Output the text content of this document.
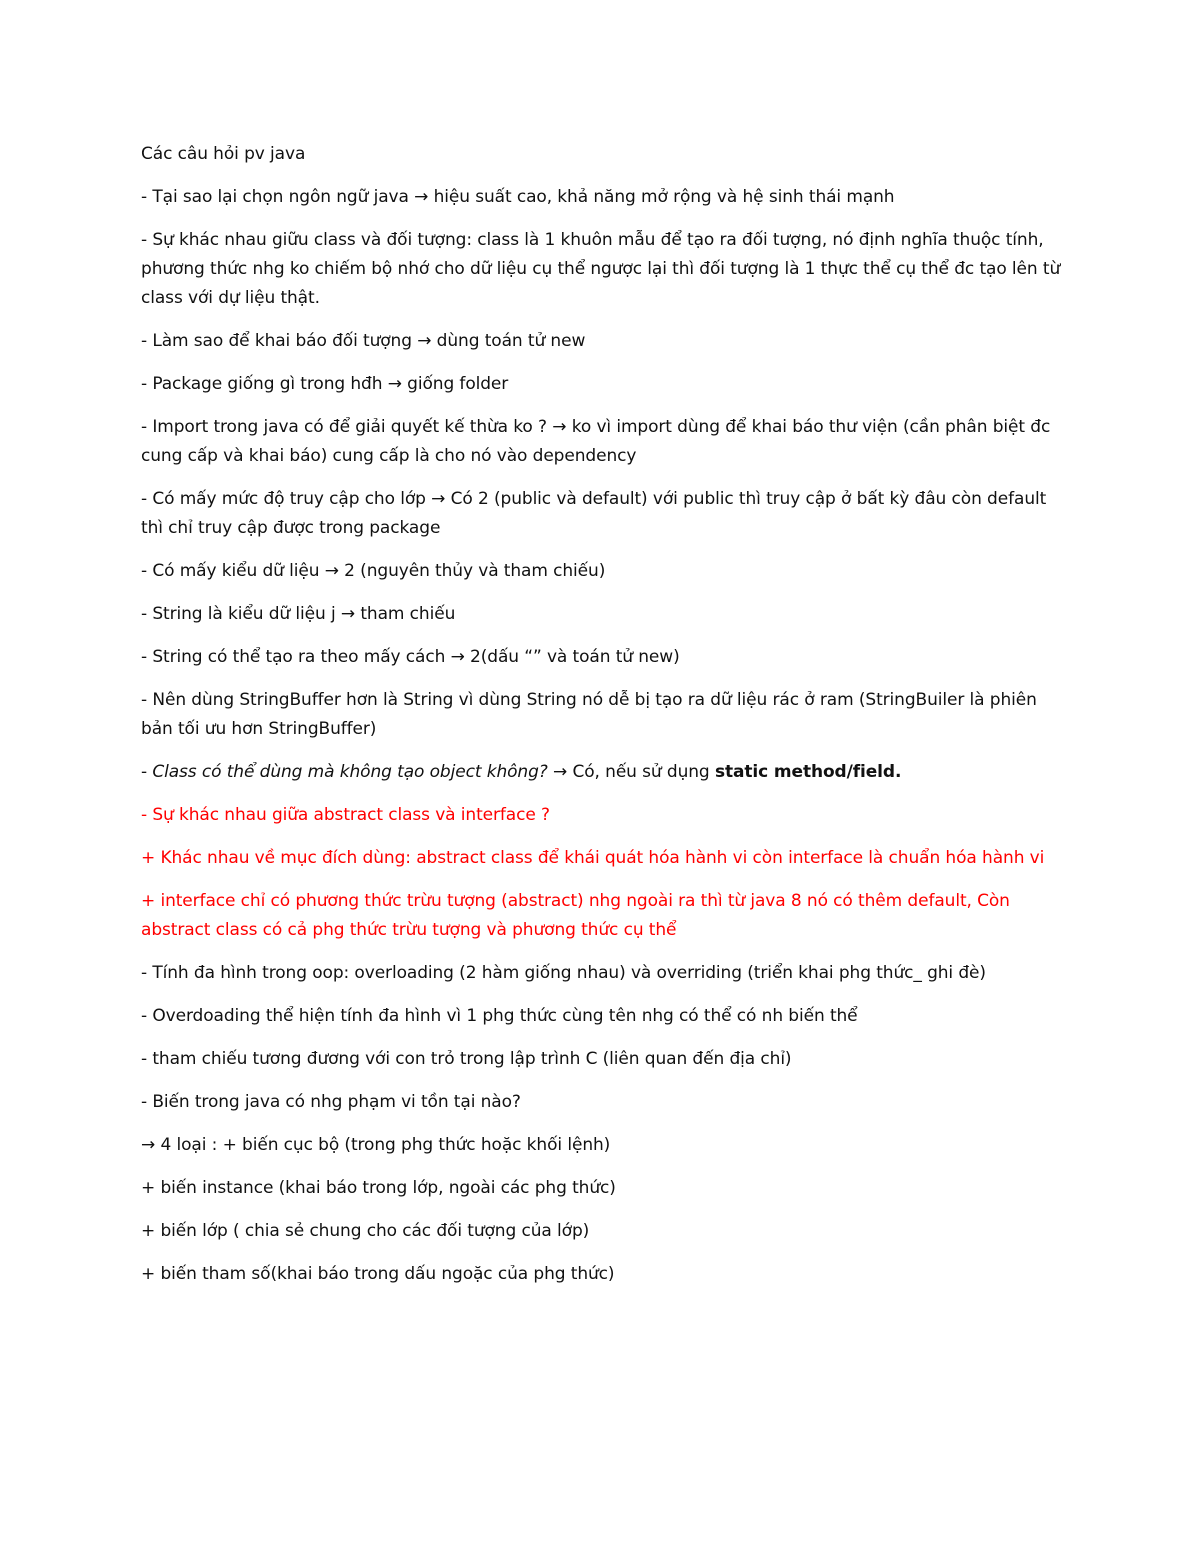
Các câu hỏi pv java

- Tại sao lại chọn ngôn ngữ java → hiệu suất cao, khả năng mở rộng và hệ sinh thái mạnh

- Sự khác nhau giữu class và đối tượng: class là 1 khuôn mẫu để tạo ra đối tượng, nó định nghĩa thuộc tính, phương thức nhg ko chiếm bộ nhớ cho dữ liệu cụ thể ngược lại thì đối tượng là 1 thực thể cụ thể đc tạo lên từ class với dự liệu thật.

- Làm sao để khai báo đối tượng → dùng toán tử new

- Package giống gì trong hđh → giống folder

- Import trong java có để giải quyết kế thừa ko ? → ko vì import dùng để khai báo thư viện (cần phân biệt đc cung cấp và khai báo) cung cấp là cho nó vào dependency

- Có mấy mức độ truy cập cho lớp → Có 2 (public và default) với public thì truy cập ở bất kỳ đâu còn default thì chỉ truy cập được trong package

- Có mấy kiểu dữ liệu → 2 (nguyên thủy và tham chiếu)

- String là kiểu dữ liệu j → tham chiếu

- String có thể tạo ra theo mấy cách → 2(dấu “” và toán tử new)

- Nên dùng StringBuffer hơn là String vì dùng String nó dễ bị tạo ra dữ liệu rác ở ram (StringBuiler là phiên bản tối ưu hơn StringBuffer)

- Class có thể dùng mà không tạo object không? → Có, nếu sử dụng static method/field.

- Sự khác nhau giữa abstract class và interface ?

+ Khác nhau về mục đích dùng: abstract class để khái quát hóa hành vi còn interface là chuẩn hóa hành vi

+ interface chỉ có phương thức trừu tượng (abstract) nhg ngoài ra thì từ java 8 nó có thêm default, Còn abstract class có cả phg thức trừu tượng và phương thức cụ thể

- Tính đa hình trong oop: overloading (2 hàm giống nhau) và overriding (triển khai phg thức_ ghi đè)

- Overdoading thể hiện tính đa hình vì 1 phg thức cùng tên nhg có thể có nh biến thể

- tham chiếu tương đương với con trỏ trong lập trình C (liên quan đến địa chỉ)

- Biến trong java có nhg phạm vi tồn tại nào?

→ 4 loại : + biến cục bộ (trong phg thức hoặc khối lệnh)

+ biến instance (khai báo trong lớp, ngoài các phg thức)

+ biến lớp ( chia sẻ chung cho các đối tượng của lớp)

+ biến tham số(khai báo trong dấu ngoặc của phg thức)
